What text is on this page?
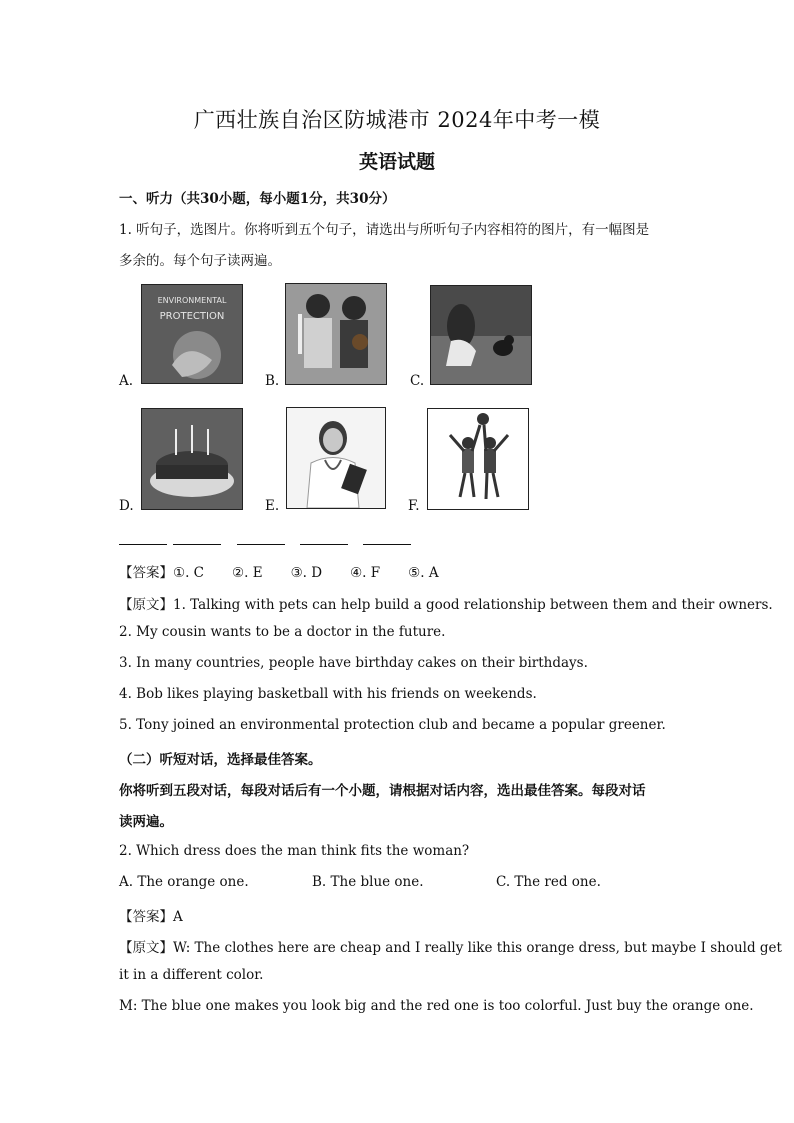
广西壮族自治区防城港市 2024年中考一模
英语试题
一、听力（共30小题，每小题1分，共30分）
1. 听句子，选图片。你将听到五个句子，请选出与所听句子内容相符的图片，有一幅图是
多余的。每个句子读两遍。
A.
ENVIRONMENTAL
PROTECTION
B.	C.
D.	E.	F.
【答案】①. C ②. E ③. D ④. F ⑤. A
【原文】1. Talking with pets can help build a good relationship between them and their owners.
2. My cousin wants to be a doctor in the future.
3. In many countries, people have birthday cakes on their birthdays.
4. Bob likes playing basketball with his friends on weekends.
5. Tony joined an environmental protection club and became a popular greener.
（二）听短对话，选择最佳答案。
你将听到五段对话，每段对话后有一个小题，请根据对话内容，选出最佳答案。每段对话
读两遍。
2. Which dress does the man think fits the woman?
A. The orange one.	B. The blue one.	C. The red one.
【答案】A
【原文】W: The clothes here are cheap and I really like this orange dress, but maybe I should get
it in a different color.
M: The blue one makes you look big and the red one is too colorful. Just buy the orange one.
